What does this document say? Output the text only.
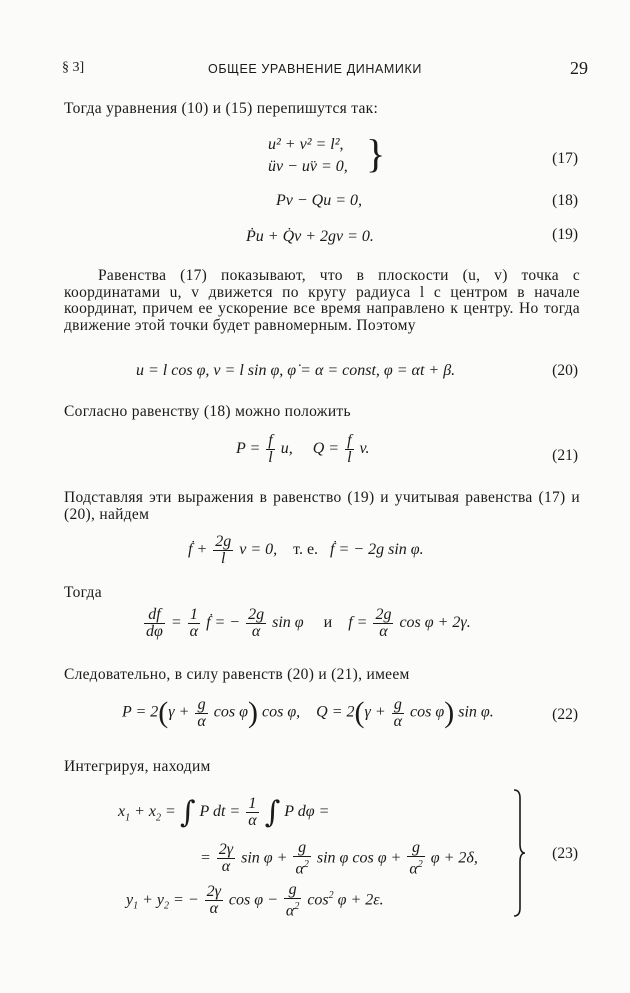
§ 3]	ОБЩЕЕ УРАВНЕНИЕ ДИНАМИКИ	29
Тогда уравнения (10) и (15) перепишутся так:
u² + v² = l²,
üv − uv̈ = 0, }	(17)
Pv − Qu = 0,	(18)
Ṗu + Q̇v + 2gv = 0.	(19)
Равенства (17) показывают, что в плоскости (u, v) точка с координатами u, v движется по кругу радиуса l с центром в начале координат, причем ее ускорение все время направлено к центру. Но тогда движение этой точки будет равномерным. Поэтому
u = l cos φ, v = l sin φ, φ̇ = α = const, φ = αt + β.	(20)
Согласно равенству (18) можно положить
$P = \frac{f}{l} u$,     $Q = \frac{f}{l} v$.	(21)
Подставляя эти выражения в равенство (19) и учитывая равенства (17) и (20), найдем
ḟ + $\frac{2g}{l}$ v = 0,    т. е. ḟ = − 2g sin φ.
Тогда
$\frac{df}{d\varphi} = \frac{1}{\alpha}$ ḟ = − $\frac{2g}{\alpha}$ sin φ     и    $f = \frac{2g}{\alpha}$ cos φ + 2γ.
Следовательно, в силу равенств (20) и (21), имеем
$P = 2(\gamma + \frac{g}{\alpha}$ cos φ) cos φ,    $Q = 2(\gamma + \frac{g}{\alpha}$ cos φ) sin φ.	(22)
Интегрируя, находим
$x_1 + x_2$ = ∫ P dt = $\frac{1}{\alpha}$ ∫ P dφ =
= $\frac{2\gamma}{\alpha}$ $\sin \varphi + \frac{g}{\alpha^2}$ sin φ $\cos \varphi + \frac{g}{\alpha^2}$ φ + 2δ,
$y_1 + y_2$ = − $\frac{2\gamma}{\alpha}$ $\cos \varphi - \frac{g}{\alpha^2} \cos^2 \varphi + 2\varepsilon$.
(23)
